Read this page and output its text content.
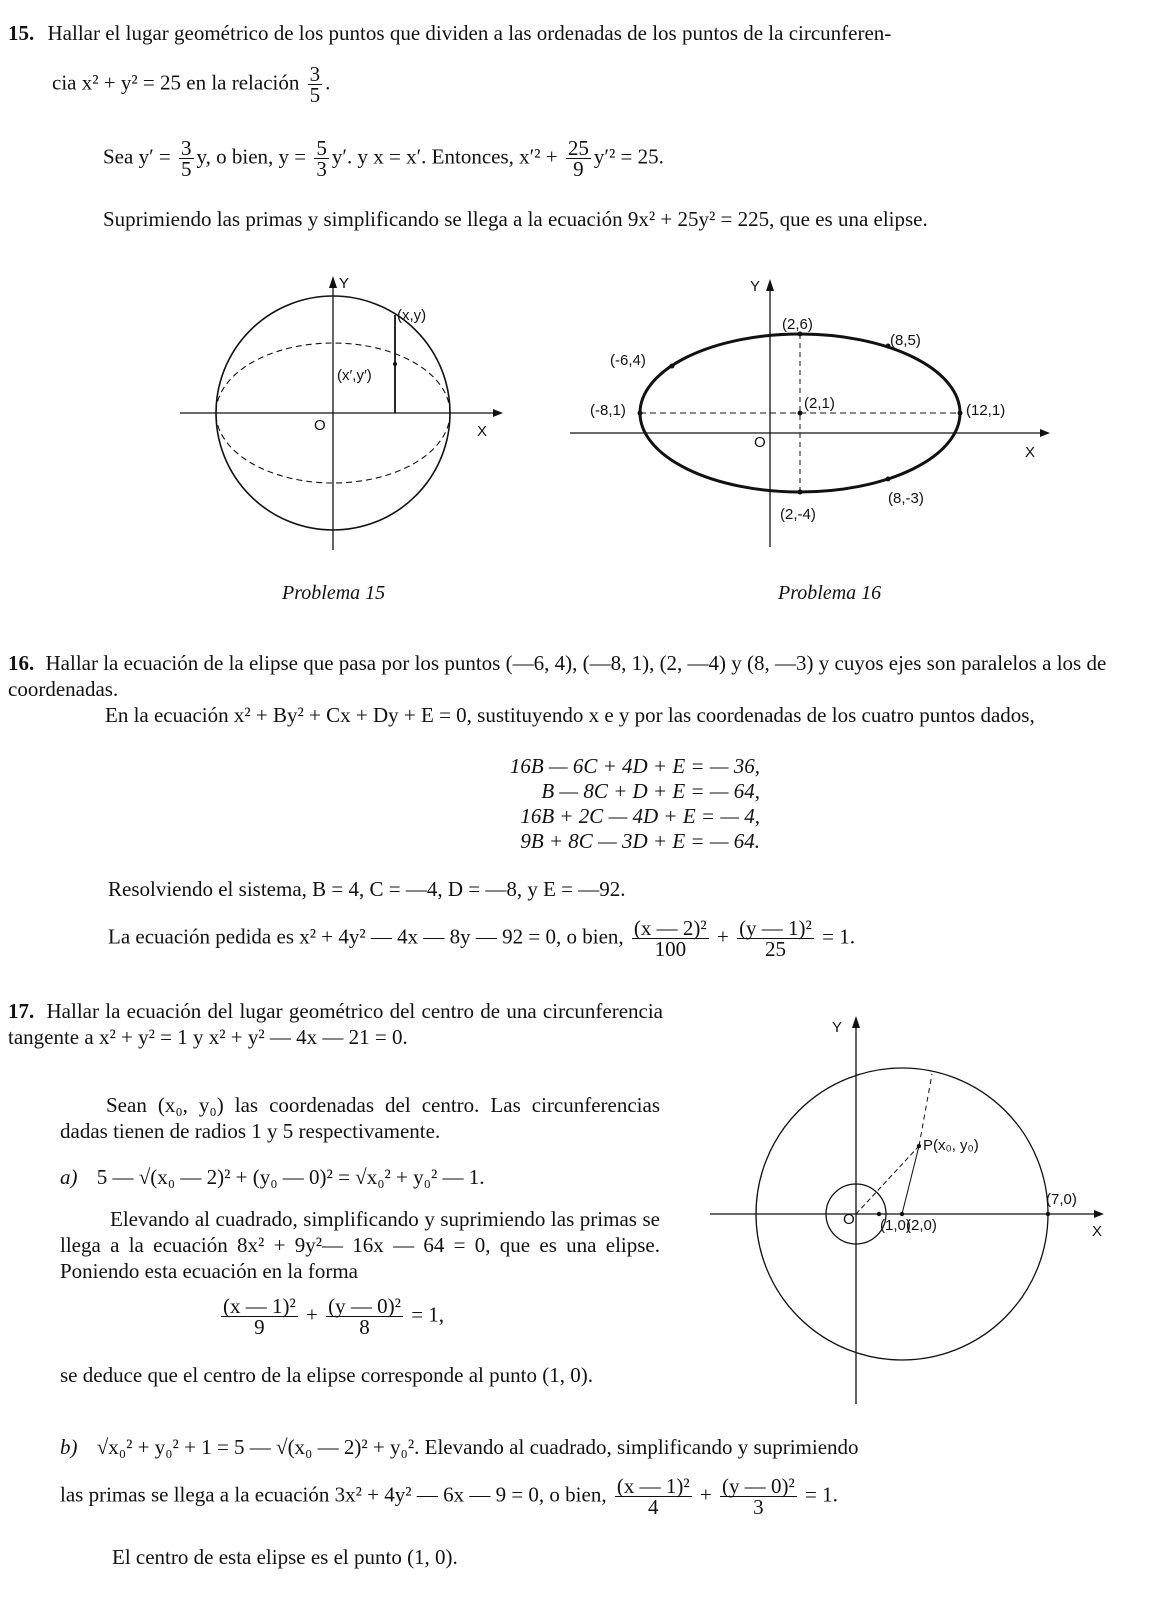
15. Hallar el lugar geométrico de los puntos que dividen a las ordenadas de los puntos de la circunferen-
cia x² + y² = 25 en la relación $\frac{3}{5}$ .
Sea $y' = \frac{3}{5} y$, o bien, $y = \frac{5}{3} y'$. y x = x′. Entonces, $x'^2 + \frac{25}{9} y'^2 = 25$.
Suprimiendo las primas y simplificando se llega a la ecuación 9x² + 25y² = 225, que es una elipse.
Y
X
O
(x,y)
(x′,y′)
Problema 15
Y
X
O
(2,6)
(8,5)
(-6,4)
(-8,1)	(2,1)	(12,1)
(2,-4)
(8,-3)
Problema 16
16. Hallar la ecuación de la elipse que pasa por los puntos (—6, 4), (—8, 1), (2, —4) y (8, —3) y cuyos ejes son paralelos a los de coordenadas.
En la ecuación x² + By² + Cx + Dy + E = 0, sustituyendo x e y por las coordenadas de los cuatro puntos dados,
16B — 6C + 4D + E = — 36,
B — 8C + D + E = — 64,
16B + 2C — 4D + E = — 4,
9B + 8C — 3D + E = — 64.
Resolviendo el sistema, B = 4, C = —4, D = —8, y E = —92.
La ecuación pedida es x² + 4y² — 4x — 8y — 92 = 0, o bien, $\frac{\text{(x — 2)²}}{100} + \frac{\text{(y — 1)²}}{25} = 1$.
17. Hallar la ecuación del lugar geométrico del centro de una circunferencia tangente a x² + y² = 1 y x² + y² — 4x — 21 = 0.
Sean (x₀, y₀) las coordenadas del centro. Las circunferencias dadas tienen de radios 1 y 5 respectivamente.
a) 5 — √(x₀ — 2)² + (y₀ — 0)² = √x₀² + y₀² — 1.
Elevando al cuadrado, simplificando y suprimiendo las primas se llega a la ecuación 8x² + 9y²— 16x — 64 = 0, que es una elipse. Poniendo esta ecuación en la forma
$\frac{\text{(x — 1)²}}{9} + \frac{\text{(y — 0)²}}{8} = 1$,
se deduce que el centro de la elipse corresponde al punto (1, 0).
b) √x₀² + y₀² + 1 = 5 — √(x₀ — 2)² + y₀². Elevando al cuadrado, simplificando y suprimiendo
las primas se llega a la ecuación 3x² + 4y² — 6x — 9 = 0, o bien, $\frac{\text{(x — 1)²}}{4} + \frac{\text{(y — 0)²}}{3} = 1$.
El centro de esta elipse es el punto (1, 0).
Y
X
O
P(x₀, y₀)
(1,0)
(2,0)
(7,0)
